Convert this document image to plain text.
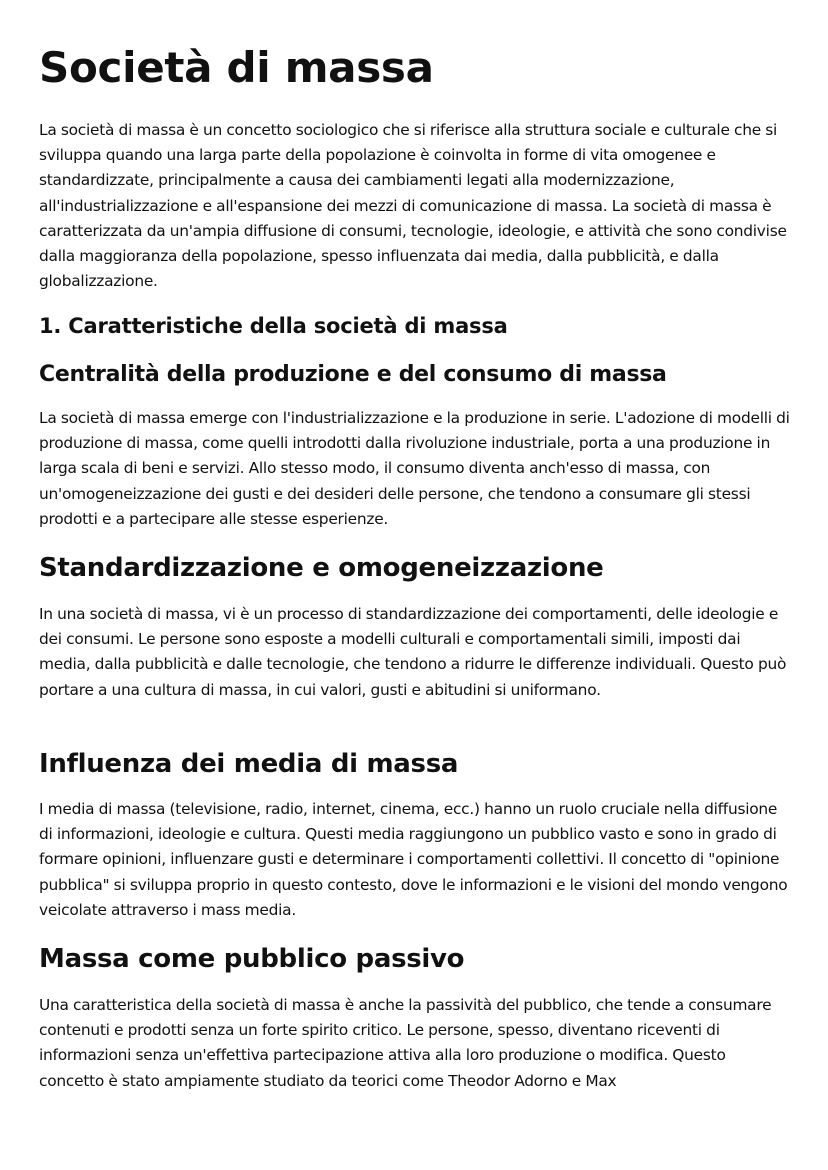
Società di massa

La società di massa è un concetto sociologico che si riferisce alla struttura sociale e culturale che si sviluppa quando una larga parte della popolazione è coinvolta in forme di vita omogenee e standardizzate, principalmente a causa dei cambiamenti legati alla modernizzazione, all'industrializzazione e all'espansione dei mezzi di comunicazione di massa. La società di massa è caratterizzata da un'ampia diffusione di consumi, tecnologie, ideologie, e attività che sono condivise dalla maggioranza della popolazione, spesso influenzata dai media, dalla pubblicità, e dalla globalizzazione.

1. Caratteristiche della società di massa
Centralità della produzione e del consumo di massa

La società di massa emerge con l'industrializzazione e la produzione in serie. L'adozione di modelli di produzione di massa, come quelli introdotti dalla rivoluzione industriale, porta a una produzione in larga scala di beni e servizi. Allo stesso modo, il consumo diventa anch'esso di massa, con un'omogeneizzazione dei gusti e dei desideri delle persone, che tendono a consumare gli stessi prodotti e a partecipare alle stesse esperienze.

Standardizzazione e omogeneizzazione

In una società di massa, vi è un processo di standardizzazione dei comportamenti, delle ideologie e dei consumi. Le persone sono esposte a modelli culturali e comportamentali simili, imposti dai media, dalla pubblicità e dalle tecnologie, che tendono a ridurre le differenze individuali. Questo può portare a una cultura di massa, in cui valori, gusti e abitudini si uniformano.

Influenza dei media di massa

I media di massa (televisione, radio, internet, cinema, ecc.) hanno un ruolo cruciale nella diffusione di informazioni, ideologie e cultura. Questi media raggiungono un pubblico vasto e sono in grado di formare opinioni, influenzare gusti e determinare i comportamenti collettivi. Il concetto di "opinione pubblica" si sviluppa proprio in questo contesto, dove le informazioni e le visioni del mondo vengono veicolate attraverso i mass media.

Massa come pubblico passivo

Una caratteristica della società di massa è anche la passività del pubblico, che tende a consumare contenuti e prodotti senza un forte spirito critico. Le persone, spesso, diventano riceventi di informazioni senza un'effettiva partecipazione attiva alla loro produzione o modifica. Questo concetto è stato ampiamente studiato da teorici come Theodor Adorno e Max
